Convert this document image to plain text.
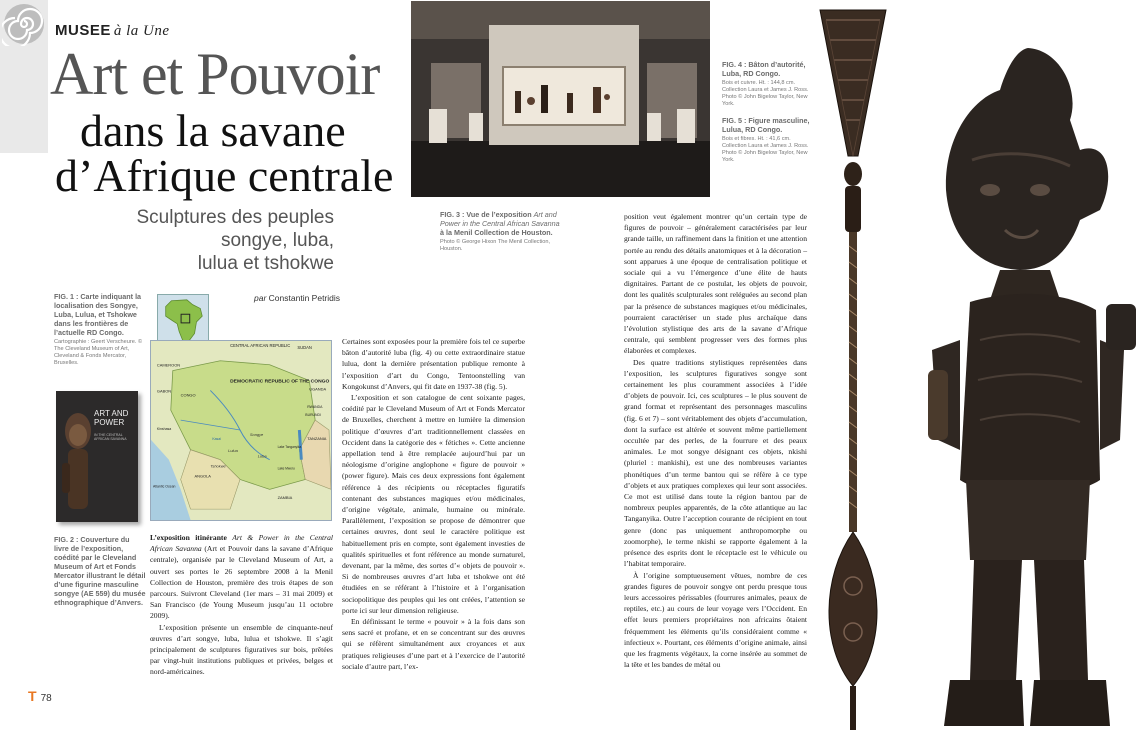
MUSEE à la Une
Art et Pouvoir
dans la savane
d’Afrique centrale
Sculptures des peuples
songye, luba,
lulua et tshokwe
FIG. 3 : Vue de l’exposition Art and Power in the Central African Savanna à la Menil Collection de Houston.
Photo © George Hixon The Menil Collection, Houston.
FIG. 4 : Bâton d’autorité, Luba, RD Congo.
Bois et cuivre. Ht. : 144,8 cm. Collection Laura et James J. Ross. Photo © John Bigelow Taylor, New York.
FIG. 5 : Figure masculine, Lulua, RD Congo.
Bois et fibres. Ht. : 41,6 cm. Collection Laura et James J. Ross. Photo © John Bigelow Taylor, New York.
par Constantin Petridis
FIG. 1 : Carte indiquant la localisation des Songye, Luba, Lulua, et Tshokwe dans les frontières de l’actuelle RD Congo.
Cartographie : Geert Verscheure. © The Cleveland Museum of Art, Cleveland & Fonds Mercator, Bruxelles.
FIG. 2 : Couverture du livre de l’exposition, coédité par le Cleveland Museum of Art et Fonds Mercator illustrant le détail d’une figurine masculine songye (AE 559) du musée ethnographique d’Anvers.
CENTRAL AFRICAN REPUBLIC SUDAN
CAMEROON
DEMOCRATIC REPUBLIC OF THE CONGO
GABON
CONGO
UGANDA
RWANDA
BURUNDI
TANZANIA
ANGOLA
ZAMBIA
Kinshasa
Lake Tanganyika
Lake Mweru
Atlantic Ocean
Luba
Songye
Lulua
Tshokwe
Kasai
ART AND POWER
IN THE CENTRAL AFRICAN SAVANNA

L’exposition itinérante Art & Power in the Central African Savanna (Art et Pouvoir dans la savane d’Afrique centrale), organisée par le Cleveland Museum of Art, a ouvert ses portes le 26 septembre 2008 à la Menil Collection de Houston, première des trois étapes de son parcours. Suivront Cleveland (1er mars – 31 mai 2009) et San Francisco (de Young Museum jusqu’au 11 octobre 2009).

L’exposition présente un ensemble de cinquante-neuf œuvres d’art songye, luba, lulua et tshokwe. Il s’agit principalement de sculptures figuratives sur bois, prêtées par vingt-huit institutions publiques et privées, belges et nord-américaines.

Certaines sont exposées pour la première fois tel ce superbe bâton d’autorité luba (fig. 4) ou cette extraordinaire statue lulua, dont la dernière présentation publique remonte à l’exposition d’art du Congo, Tentoonstelling van Kongokunst d’Anvers, qui fit date en 1937-38 (fig. 5).

L’exposition et son catalogue de cent soixante pages, coédité par le Cleveland Museum of Art et Fonds Mercator de Bruxelles, cherchent à mettre en lumière la dimension politique d’œuvres d’art traditionnellement classées en Occident dans la catégorie des « fétiches ». Cette ancienne appellation tend à être remplacée aujourd’hui par un néologisme d’origine anglophone « figure de pouvoir » (power figure). Mais ces deux expressions font également référence à des récipients ou réceptacles figuratifs contenant des substances magiques et/ou médicinales, d’origine végétale, animale, humaine ou minérale. Parallèlement, l’exposition se propose de démontrer que certaines œuvres, dont seul le caractère politique est habituellement pris en compte, sont également investies de qualités spirituelles et font référence au monde surnaturel, devenant, par la même, des sortes d’« objets de pouvoir ». Si de nombreuses œuvres d’art luba et tshokwe ont été étudiées en se référant à l’histoire et à l’organisation sociopolitique des peuples qui les ont créées, l’attention se porte ici sur leur dimension religieuse.

En définissant le terme « pouvoir » à la fois dans son sens sacré et profane, et en se concentrant sur des œuvres qui se réfèrent simultanément aux croyances et aux pratiques religieuses d’une part et à l’exercice de l’autorité sociale d’autre part, l’ex-

position veut également montrer qu’un certain type de figures de pouvoir – généralement caractérisées par leur grande taille, un raffinement dans la finition et une attention portée au rendu des détails anatomiques et à la décoration – sont apparues à une époque de centralisation politique et sociale qui a vu l’émergence d’une élite de hauts dignitaires. Partant de ce postulat, les objets de pouvoir, dont les qualités sculpturales sont reléguées au second plan par la présence de substances magiques et/ou médicinales, pourraient caractériser un stade plus archaïque dans l’évolution stylistique des arts de la savane d’Afrique centrale, qui semblent progresser vers des formes plus élaborées et complexes.

Des quatre traditions stylistiques représentées dans l’exposition, les sculptures figuratives songye sont certainement les plus couramment associées à l’idée d’objets de pouvoir. Ici, ces sculptures – le plus souvent de grand format et représentant des personnages masculins (fig. 6 et 7) – sont véritablement des objets d’accumulation, dont la surface est altérée et souvent même partiellement occultée par des perles, de la fourrure et des peaux animales. Le mot songye désignant ces objets, nkishi (pluriel : mankishi), est une des nombreuses variantes phonétiques d’un terme bantou qui se réfère à ce type d’objets et aux pratiques complexes qui leur sont associées. Ce mot est utilisé dans toute la région bantou par de nombreux peuples apparentés, de la côte atlantique au lac Tanganyika. Outre l’acception courante de récipient en tout genre (donc pas uniquement anthropomorphe ou zoomorphe), le terme nkishi se rapporte également à la présence des esprits dont le réceptacle est le véhicule ou l’habitat temporaire.

À l’origine somptueusement vêtues, nombre de ces grandes figures de pouvoir songye ont perdu presque tous leurs accessoires périssables (fourrures animales, peaux de reptiles, etc.) au cours de leur voyage vers l’Occident. En effet leurs premiers propriétaires non africains ôtaient fréquemment les éléments qu’ils considéraient comme « infectieux ». Pourtant, ces éléments d’origine animale, ainsi que les fragments végétaux, la corne insérée au sommet de la tête et les bandes de métal ou

T 78
